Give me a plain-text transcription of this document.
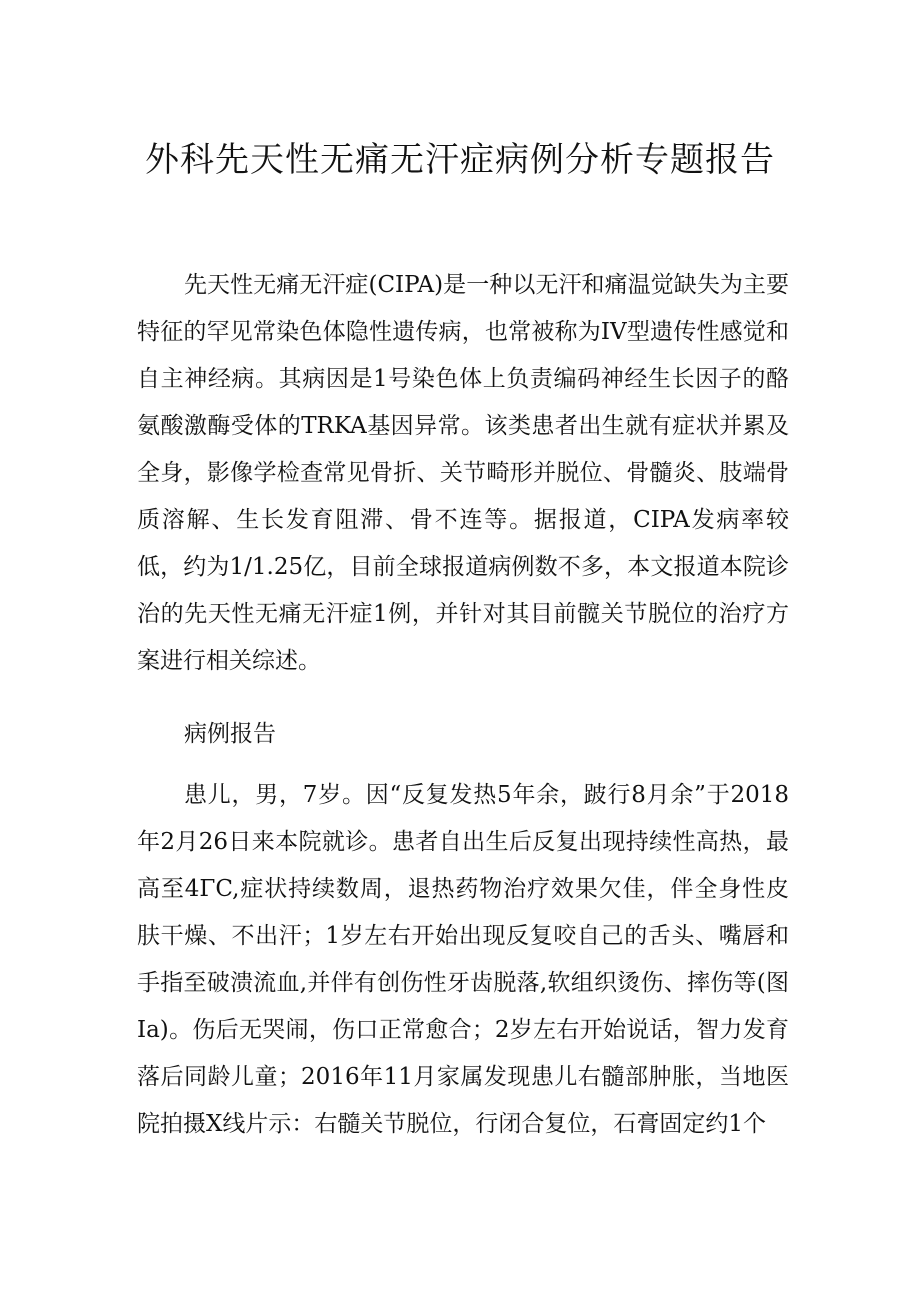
外科先天性无痛无汗症病例分析专题报告

先天性无痛无汗症(CIPA)是一种以无汗和痛温觉缺失为主要特征的罕见常染色体隐性遗传病，也常被称为IV型遗传性感觉和自主神经病。其病因是1号染色体上负责编码神经生长因子的酪氨酸激酶受体的TRKA基因异常。该类患者出生就有症状并累及全身，影像学检查常见骨折、关节畸形并脱位、骨髓炎、肢端骨质溶解、生长发育阻滞、骨不连等。据报道，CIPA发病率较低，约为1/1.25亿，目前全球报道病例数不多，本文报道本院诊治的先天性无痛无汗症1例，并针对其目前髋关节脱位的治疗方案进行相关综述。

病例报告

患儿，男，7岁。因“反复发热5年余，跛行8月余”于2018年2月26日来本院就诊。患者自出生后反复出现持续性高热，最高至4ΓC,症状持续数周，退热药物治疗效果欠佳，伴全身性皮肤干燥、不出汗；1岁左右开始出现反复咬自己的舌头、嘴唇和手指至破溃流血,并伴有创伤性牙齿脱落,软组织烫伤、摔伤等(图Ia)。伤后无哭闹，伤口正常愈合；2岁左右开始说话，智力发育落后同龄儿童；2016年11月家属发现患儿右髓部肿胀，当地医院拍摄X线片示：右髓关节脱位，行闭合复位，石膏固定约1个
